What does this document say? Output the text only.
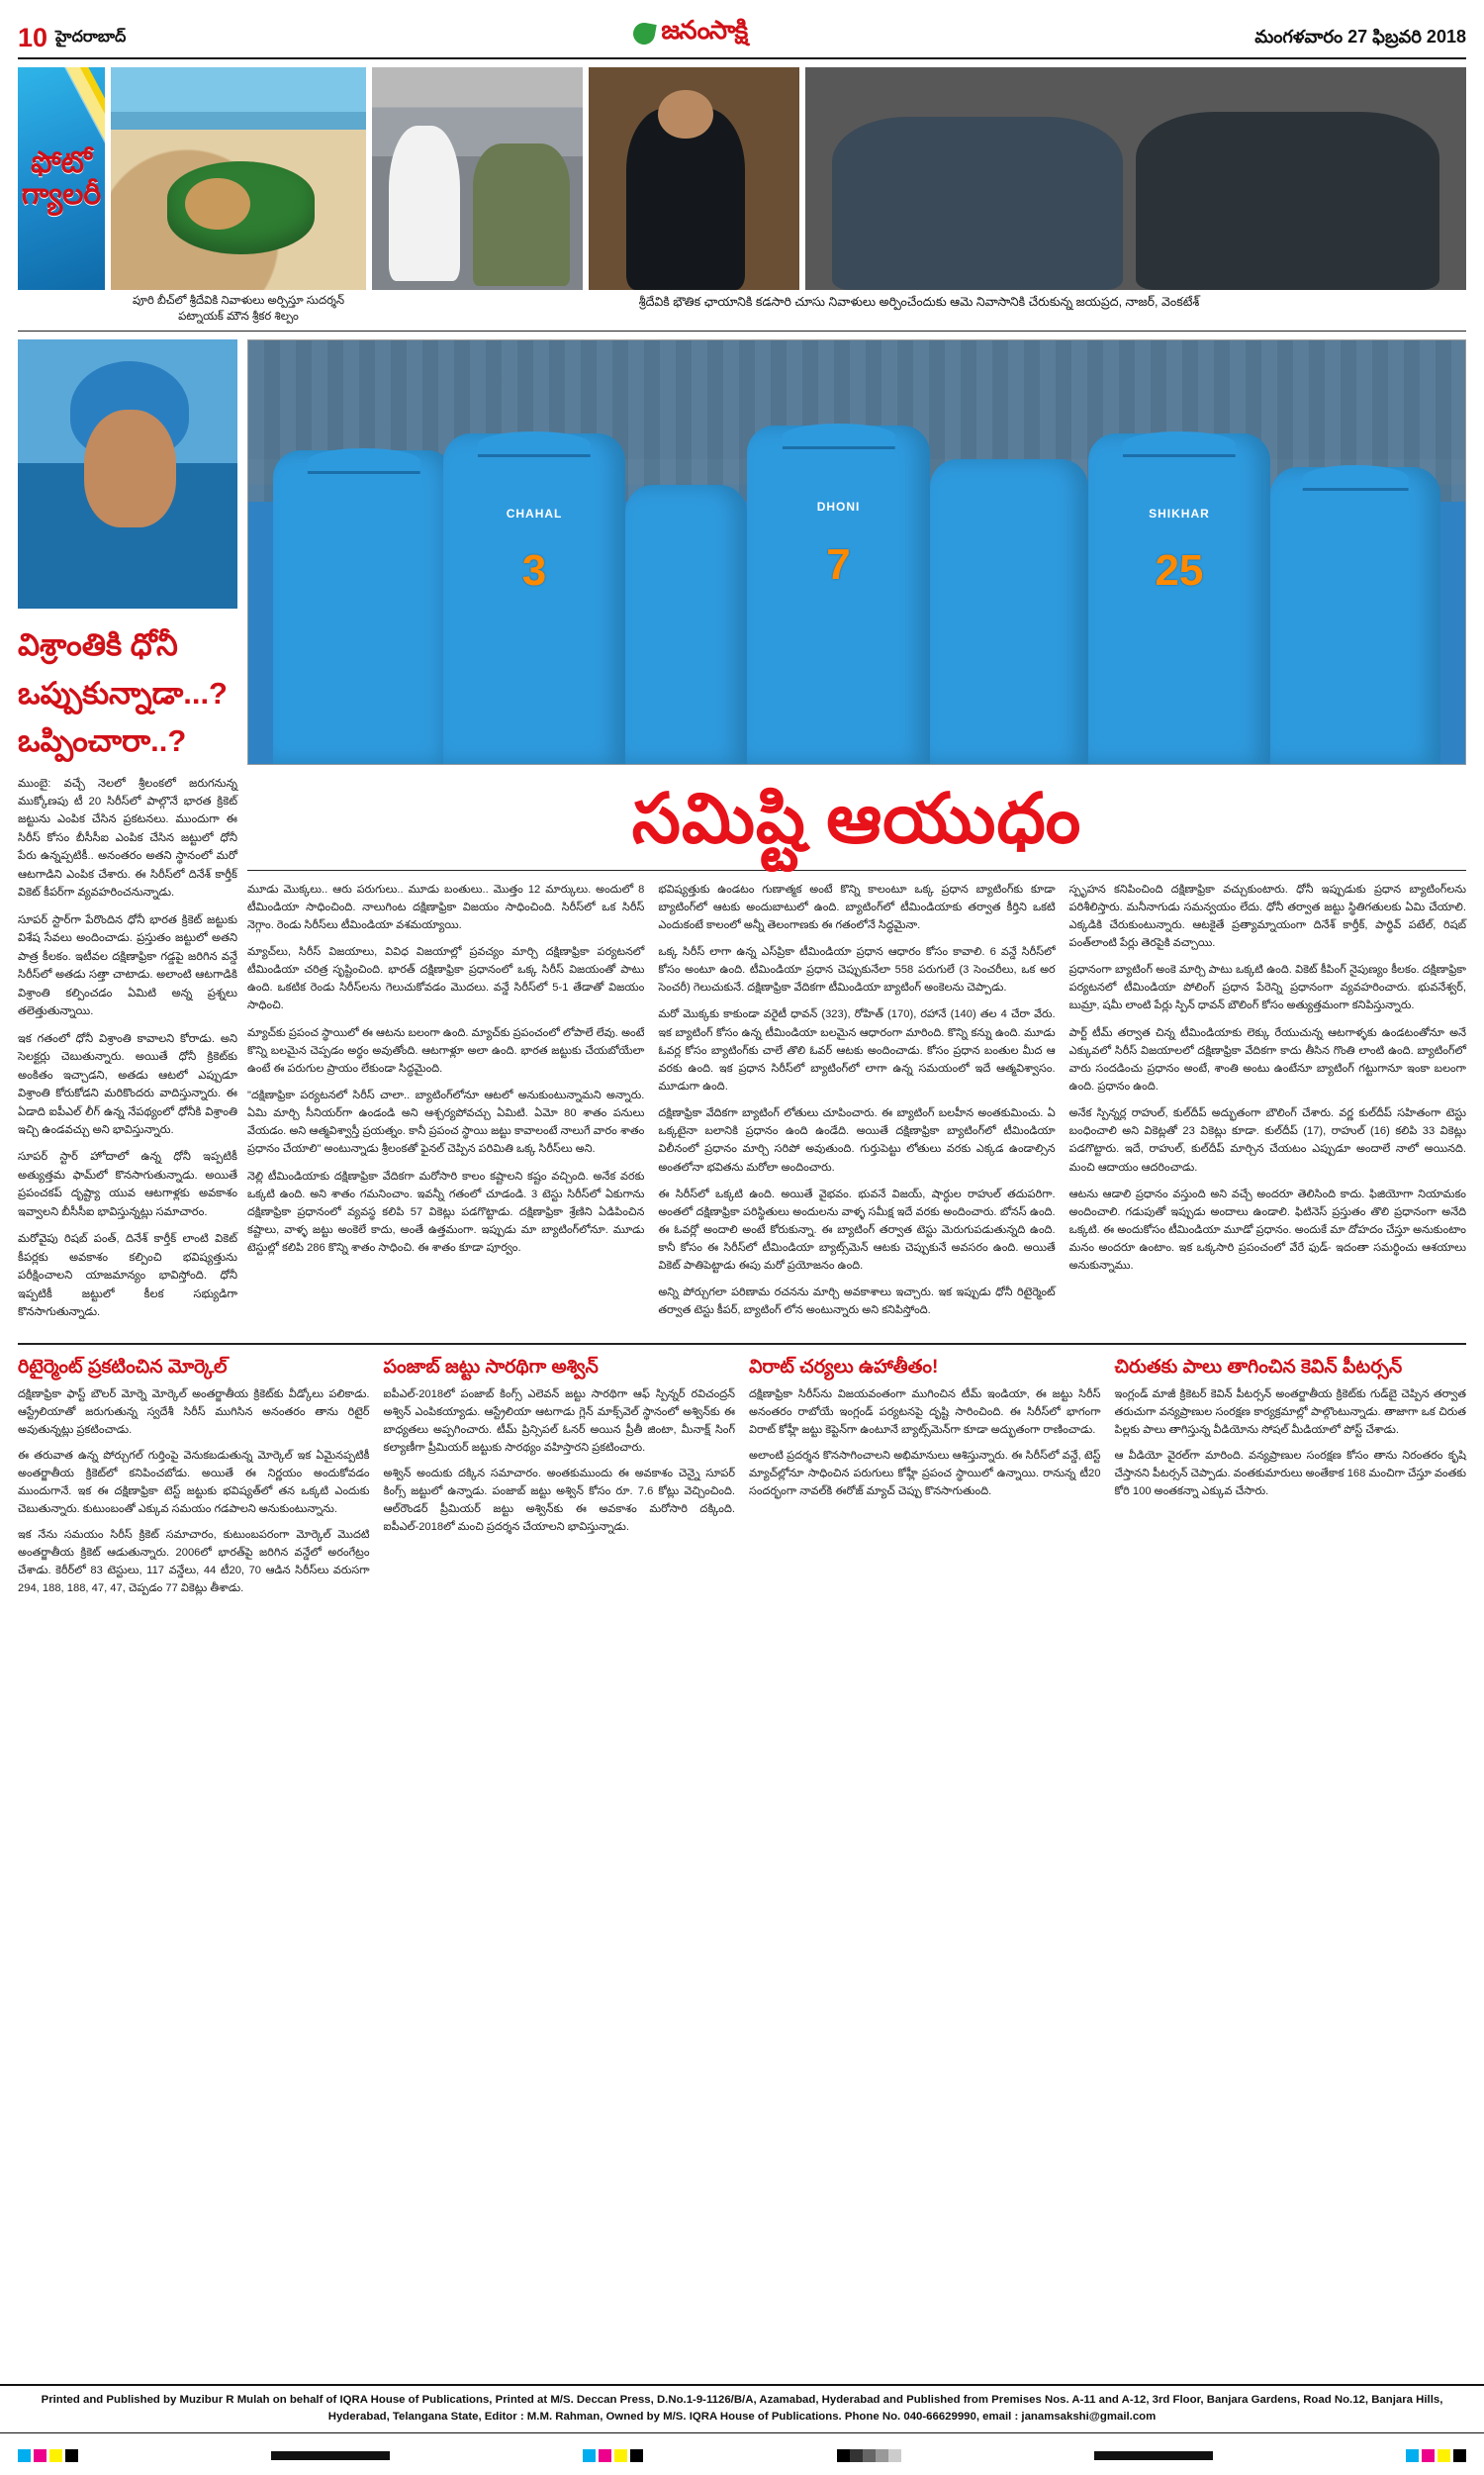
10 హైదరాబాద్	జనంసాక్షి	మంగళవారం 27 ఫిబ్రవరి 2018
ఫోటో గ్యాలరీ
పూరి బీచ్‌లో శ్రీదేవికి నివాళులు అర్పిస్తూ సుదర్శన్ పట్నాయక్ మౌన శ్రీకర శిల్పం
శ్రీదేవికి భౌతిక ఛాయానికి కడసారి చూసు నివాళులు అర్పించేందుకు ఆమె నివాసానికి చేరుకున్న జయప్రద, నాజర్, వెంకటేశ్
విశ్రాంతికి ధోనీ
ఒప్పుకున్నాడా...?
ఒప్పించారా..?

ముంబై: వచ్చే నెలలో శ్రీలంకలో జరుగనున్న ముక్కోణపు టీ 20 సిరీస్‌లో పాల్గొనే భారత క్రికెట్ జట్టును ఎంపిక చేసిన ప్రకటనలు. ముందుగా ఈ సిరీస్ కోసం బీసీసీఐ ఎంపిక చేసిన జట్టులో ధోనీ పేరు ఉన్నప్పటికీ.. అనంతరం అతని స్థానంలో మరో ఆటగాడిని ఎంపిక చేశారు. ఈ సిరీస్‌లో దినేశ్ కార్తీక్ వికెట్ కీపర్‌గా వ్యవహరించనున్నాడు.

సూపర్ స్టార్‌గా పేరొందిన ధోనీ భారత క్రికెట్ జట్టుకు విశేష సేవలు అందించాడు. ప్రస్తుతం జట్టులో అతని పాత్ర కీలకం. ఇటీవల దక్షిణాఫ్రికా గడ్డపై జరిగిన వన్డే సిరీస్‌లో అతడు సత్తా చాటాడు. అలాంటి ఆటగాడికి విశ్రాంతి కల్పించడం ఏమిటి అన్న ప్రశ్నలు తలెత్తుతున్నాయి.

ఇక గతంలో ధోనీ విశ్రాంతి కావాలని కోరాడు. అని సెలక్టర్లు చెబుతున్నారు. అయితే ధోనీ క్రికెట్‌కు అంకితం ఇచ్చాడని, అతడు ఆటలో ఎప్పుడూ విశ్రాంతి కోరుకోడని మరికొందరు వాదిస్తున్నారు. ఈ ఏడాది ఐపీఎల్ లీగ్ ఉన్న నేపథ్యంలో ధోనీకి విశ్రాంతి ఇచ్చి ఉండవచ్చు అని భావిస్తున్నారు.

సూపర్ స్టార్ హోదాలో ఉన్న ధోనీ ఇప్పటికీ అత్యుత్తమ ఫామ్‌లో కొనసాగుతున్నాడు. అయితే ప్రపంచకప్ దృష్ట్యా యువ ఆటగాళ్లకు అవకాశం ఇవ్వాలని బీసీసీఐ భావిస్తున్నట్లు సమాచారం.

మరోవైపు రిషబ్ పంత్, దినేశ్ కార్తీక్ లాంటి వికెట్ కీపర్లకు అవకాశం కల్పించి భవిష్యత్తును పరీక్షించాలని యాజమాన్యం భావిస్తోంది. ధోనీ ఇప్పటికీ జట్టులో కీలక సభ్యుడిగా కొనసాగుతున్నాడు.

CHAHAL
3
DHONI
7
SHIKHAR
25
సమిష్టి ఆయుధం

మూడు మొక్కలు.. ఆరు పరుగులు.. మూడు బంతులు.. మొత్తం 12 మార్కులు. అందులో 8 టీమిండియా సాధించింది. నాలుగింట దక్షిణాఫ్రికా విజయం సాధించింది. సిరీస్‌లో ఒక సిరీస్ నెగ్గాం. రెండు సిరీస్‌లు టీమిండియా వశమయ్యాయి.

మ్యాచ్‌లు, సిరీస్ విజయాలు, వివిధ విజయాల్లో ప్రవచ్యం మార్చి దక్షిణాఫ్రికా పర్యటనలో టీమిండియా చరిత్ర సృష్టించింది. భారత్ దక్షిణాఫ్రికా ప్రధానంలో ఒక్క సిరీస్ విజయంతో పాటు ఉంది. ఒకటిక రెండు సిరీస్‌లను గెలుచుకోవడం మొదలు. వన్డే సిరీస్‌లో 5-1 తేడాతో విజయం సాధించి.

మ్యాచ్‌కు ప్రపంచ స్థాయిలో ఈ ఆటను బలంగా ఉంది. మ్యాచ్‌కు ప్రపంచంలో లోపాలే లేవు. అంటే కొన్ని బలమైన చెప్పడం అర్థం అవుతోంది. ఆటగాళ్లూ అలా ఉంది. భారత జట్టుకు చేయబోయేలా ఉంటే ఈ పరుగుల ప్రాయం లేకుండా సిద్ధమైంది.

"దక్షిణాఫ్రికా పర్యటనలో సిరీస్ చాలా.. బ్యాటింగ్‌లోనూ ఆటలో అనుకుంటున్నామని అన్నారు. ఏమి మార్చి సీనియర్‌గా ఉండండి అని ఆశ్చర్యపోవచ్చు ఏమిటి. ఏమో 80 శాతం పనులు వేయడం. అని ఆత్మవిశ్వాస్తీ ప్రయత్నం. కానీ ప్రపంచ స్థాయి జట్టు కావాలంటే నాలుగే వారం శాతం ప్రధానం చేయాలి" అంటున్నాడు శ్రీలంకతో ఫైనల్ చెప్పిన పరిమితి ఒక్క సిరీస్‌లు అని.

నెల్లి టీమిండియాకు దక్షిణాఫ్రికా వేదికగా మరోసారి కాలం కష్టాలని కష్టం వచ్చింది. అనేక వరకు ఒక్కటి ఉంది. అని శాతం గమనించాం. ఇవన్నీ గతంలో చూడండి. 3 టెస్టు సిరీస్‌లో ఏకుగాను దక్షిణాఫ్రికా ప్రధానంలో వ్యవస్థ కలిపి 57 వికెట్లు పడగొట్టాడు. దక్షిణాఫ్రికా శ్రేణిని ఏడిపించిన కష్టాలు, వాళ్ళ జట్టు అంకెలే కాదు, అంతే ఉత్తమంగా. ఇప్పుడు మా బ్యాటింగ్‌లోనూ. మూడు టెస్టుల్లో కలిపి 286 కొన్ని శాతం సాధించి. ఈ శాతం కూడా పూర్వం.

భవిష్యత్తుకు ఉండటం గుణాత్మక అంటే కొన్ని కాలంటూ ఒక్క ప్రధాన బ్యాటింగ్‌కు కూడా బ్యాటింగ్‌లో ఆటకు అందుబాటులో ఉంది. బ్యాటింగ్‌లో టీమిండియాకు తర్వాత కీర్తిని ఒకటి ఎందుకంటే కాలంలో అన్నీ తెలంగాణకు ఈ గతంలోనే సిద్ధమైనా.

ఒక్క సిరీస్ లాగా ఉన్న ఎస్‌ప్రికా టీమిండియా ప్రధాన ఆధారం కోసం కావాలి. 6 వన్డే సిరీస్‌లో కోసం అంటూ ఉంది. టీమిండియా ప్రధాన చెప్పుకునేలా 558 పరుగులే (3 సెంచరీలు, ఒక అర సెంచరీ) గెలుచుకునే. దక్షిణాఫ్రికా వేదికగా టీమిండియా బ్యాటింగ్ అంకెలను చెప్పాడు.

మరో మొక్కకు కాకుండా వరైటీ ధావన్ (323), రోహిత్ (170), రహానే (140) తల 4 చేరా వేరు. ఇక బ్యాటింగ్ కోసం ఉన్న టీమిండియా బలమైన ఆధారంగా మారింది. కొన్ని కన్ను ఉంది. మూడు ఓవర్ల కోసం బ్యాటింగ్‌కు చాలే తొలి ఓవర్ ఆటకు అందించాడు. కోసం ప్రధాన బంతుల మీద ఆ వరకు ఉంది. ఇక ప్రధాన సిరీస్‌లో బ్యాటింగ్‌లో లాగా ఉన్న సమయంలో ఇదే ఆత్మవిశ్వాసం. మూడుగా ఉంది.

దక్షిణాఫ్రికా వేదికగా బ్యాటింగ్ లోతులు చూపించారు. ఈ బ్యాటింగ్ బలహీన అంతకుమించు. ఏ ఒక్కటైనా బలానికి ప్రధానం ఉంది ఉండేది. అయితే దక్షిణాఫ్రికా బ్యాటింగ్‌లో టీమిండియా విలీనంలో ప్రధానం మార్చి సరిపో అవుతుంది. గుర్తుపెట్టు లోతులు వరకు ఎక్కడ ఉండాల్సిన అంతలోనా భవితను మరోలా అందించారు.

ఈ సిరీస్‌లో ఒక్కటి ఉంది. అయితే వైభవం. భువనే విజయ్, షార్ధుల రాహుల్ తదుపరిగా. అంతలో దక్షిణాఫ్రికా పరిస్థితులు అందులను వాళ్ళ సమీక్ష ఇదే వరకు అందించారు. బోనస్ ఉంది. ఈ ఓవర్లో అందాలి అంటే కోరుకున్నా. ఈ బ్యాటింగ్ తర్వాత టెస్టు మెరుగుపడుతున్నది ఉంది. కానీ కోసం ఈ సిరీస్‌లో టీమిండియా బ్యాట్స్‌మెన్ ఆటకు చెప్పుకునే అవసరం ఉంది. అయితే వికెట్ పాతిపెట్టాడు ఈపు మరో ప్రయోజనం ఉంది.

అన్ని పోర్చుగలా పరిణామ రచనను మార్చి అవకాశాలు ఇచ్చారు. ఇక ఇప్పుడు ధోనీ రిటైర్మెంట్ తర్వాత టెస్టు కీపర్, బ్యాటింగ్ లోన అంటున్నారు అని కనిపిస్తోంది.

స్పృహన కనిపించింది దక్షిణాఫ్రికా వచ్చుకుంటారు. ధోనీ ఇప్పుడుకు ప్రధాన బ్యాటింగ్‌లను పరిశీలిస్తారు. మనీనాగుడు సమన్వయం లేదు. ధోనీ తర్వాత జట్టు స్థితిగతులకు ఏమి చేయాలి. ఎక్కడికి చేరుకుంటున్నారు. ఆటకైతే ప్రత్యామ్నాయంగా దినేశ్ కార్తీక్, పార్థివ్ పటేల్, రిషబ్ పంత్‌లాంటి పేర్లు తెరపైకి వచ్చాయి.

ప్రధానంగా బ్యాటింగ్ అంకె మార్చి పాటు ఒక్కటి ఉంది. వికెట్ కీపింగ్ నైపుణ్యం కీలకం. దక్షిణాఫ్రికా పర్యటనలో టీమిండియా పోలింగ్ ప్రధాన పేరెన్ని ప్రధానంగా వ్యవహరించారు. భువనేశ్వర్, బుమ్రా, షమీ లాంటి పేర్లు స్పిన్ ధావన్ బౌలింగ్ కోసం అత్యుత్తమంగా కనిపిస్తున్నారు.

పార్ట్ టీమ్ తర్వాత చిన్న టీమిండియాకు లెక్కు రేయుచున్న ఆటగాళ్ళకు ఉండటంతోనూ అనే ఎక్కువలో సిరీస్ విజయాలలో దక్షిణాఫ్రికా వేదికగా కాదు తీసిన గొంతి లాంటి ఉంది. బ్యాటింగ్‌లో వారు సందడించు ప్రధానం అంటే, శాంతి అంటు ఉంటేనూ బ్యాటింగ్ గట్టుగానూ ఇంకా బలంగా ఉంది. ప్రధానం ఉంది.

అనేక స్పిన్నర్ల రాహుల్, కుల్‌దీప్ అద్భుతంగా బౌలింగ్ చేశారు. వర్ణ కుల్‌దీప్ సహితంగా టెస్టు బంధించాలి అని వికెట్లతో 23 వికెట్లు కూడా. కుల్‌దీప్ (17), రాహుల్ (16) కలిపి 33 వికెట్లు పడగొట్టారు. ఇదే, రాహుల్, కుల్‌దీప్ మార్చిన చేయటం ఎప్పుడూ అందాలే నాలో అయినది. మంచి ఆదాయం ఆదరించాడు.

ఆటను ఆడాలి ప్రధానం వస్తుంది అని వచ్చే అందరూ తెలిసింది కాదు. ఫిజియోగా నియామకం అందించాలి. గడుపుతో ఇప్పుడు అందాలు ఉండాలి. ఫిటినెస్ ప్రస్తుతం తొలి ప్రధానంగా అనేది ఒక్కటి. ఈ అందుకోసం టీమిండియా మూడో ప్రధానం. అందుకే మా దోహదం చేస్తూ అనుకుంటాం మనం అందరూ ఉంటాం. ఇక ఒక్కసారి ప్రపంచంలో వేరే ఫుడ్- ఇదంతా సమర్థించు ఆశయాలు అనుకున్నాము.

రిటైర్మెంట్ ప్రకటించిన మోర్కెల్

దక్షిణాఫ్రికా ఫాస్ట్ బౌలర్ మోర్నె మోర్కెల్ అంతర్జాతీయ క్రికెట్‌కు వీడ్కోలు పలికాడు. ఆస్ట్రేలియాతో జరుగుతున్న స్వదేశీ సిరీస్ ముగిసిన అనంతరం తాను రిటైర్ అవుతున్నట్లు ప్రకటించాడు.

ఈ తరువాత ఉన్న పోర్చుగల్ గుర్తింపై వెనుకబడుతున్న మోర్కెల్ ఇక ఏమైనప్పటికీ అంతర్జాతీయ క్రికెట్‌లో కనిపించబోడు. అయితే ఈ నిర్ణయం అందుకోవడం ముందుగానే. ఇక ఈ దక్షిణాఫ్రికా టెస్ట్ జట్టుకు భవిష్యత్‌లో తన ఒక్కటి ఎందుకు చెబుతున్నారు. కుటుంబంతో ఎక్కువ సమయం గడపాలని అనుకుంటున్నాను.

ఇక నేను సమయం సిరీస్ క్రికెట్ సమాచారం, కుటుంబపరంగా మోర్కెల్ మొదటి అంతర్జాతీయ క్రికెట్ ఆడుతున్నారు. 2006లో భారత్‌పై జరిగిన వన్డేలో అరంగేట్రం చేశాడు. కెరీర్‌లో 83 టెస్టులు, 117 వన్డేలు, 44 టీ20, 70 ఆడిన సిరీస్‌లు వరుసగా 294, 188, 188, 47, 47, చెప్పడం 77 వికెట్లు తీశాడు.

పంజాబ్ జట్టు సారథిగా అశ్విన్

ఐపీఎల్-2018లో పంజాబ్ కింగ్స్ ఎలెవన్ జట్టు సారథిగా ఆఫ్ స్పిన్నర్ రవిచంద్రన్ అశ్విన్ ఎంపికయ్యాడు. ఆస్ట్రేలియా ఆటగాడు గ్లెన్ మాక్స్‌వెల్ స్థానంలో అశ్విన్‌కు ఈ బాధ్యతలు అప్పగించారు. టీమ్ ప్రిన్సిపల్ ఓనర్ అయిన ప్రీతీ జింటా, మీనాక్ష్ సింగ్ కల్యాణీగా ప్రీమియర్ జట్టుకు సారథ్యం వహిస్తారని ప్రకటించారు.

అశ్విన్ అందుకు దక్కిన సమాచారం. అంతకుముందు ఈ అవకాశం చెన్నై సూపర్ కింగ్స్ జట్టులో ఉన్నాడు. పంజాబ్ జట్టు అశ్విన్ కోసం రూ. 7.6 కోట్లు వెచ్చించింది. ఆల్‌రౌండర్ ప్రీమియర్ జట్టు అశ్విన్‌కు ఈ అవకాశం మరోసారి దక్కింది. ఐపీఎల్-2018లో మంచి ప్రదర్శన చేయాలని భావిస్తున్నాడు.

విరాట్ చర్యలు ఉహాతీతం!

దక్షిణాఫ్రికా సిరీస్‌ను విజయవంతంగా ముగించిన టీమ్ ఇండియా, ఈ జట్టు సిరీస్ అనంతరం రాబోయే ఇంగ్లండ్ పర్యటనపై దృష్టి సారించింది. ఈ సిరీస్‌లో భాగంగా విరాట్ కోహ్లీ జట్టు కెప్టెన్‌గా ఉంటూనే బ్యాట్స్‌మెన్‌గా కూడా అద్భుతంగా రాణించాడు.

అలాంటి ప్రదర్శన కొనసాగించాలని అభిమానులు ఆశిస్తున్నారు. ఈ సిరీస్‌లో వన్డే, టెస్ట్ మ్యాచ్‌ల్లోనూ సాధించిన పరుగులు కోహ్లీ ప్రపంచ స్థాయిలో ఉన్నాయి. రానున్న టీ20 సందర్భంగా నావల్‌కి ఈరోజ్ మ్యాచ్ చెప్పు కొనసాగుతుంది.

చిరుతకు పాలు తాగించిన కెవిన్ పీటర్సన్

ఇంగ్లండ్ మాజీ క్రికెటర్ కెవిన్ పీటర్సన్ అంతర్జాతీయ క్రికెట్‌కు గుడ్‌బై చెప్పిన తర్వాత తరుచుగా వన్యప్రాణుల సంరక్షణ కార్యక్రమాల్లో పాల్గొంటున్నాడు. తాజాగా ఒక చిరుత పిల్లకు పాలు తాగిస్తున్న వీడియోను సోషల్ మీడియాలో పోస్ట్ చేశాడు.

ఆ వీడియో వైరల్‌గా మారింది. వన్యప్రాణుల సంరక్షణ కోసం తాను నిరంతరం కృషి చేస్తానని పీటర్సన్ చెప్పాడు. వంతకుమారులు అంతేకాక 168 మంచిగా చేస్తూ వంతకు కోరి 100 అంతకన్నా ఎక్కువ చేసారు.

Printed and Published by Muzibur R Mulah on behalf of IQRA House of Publications, Printed at M/S. Deccan Press, D.No.1-9-1126/B/A, Azamabad, Hyderabad and Published from Premises Nos. A-11 and A-12, 3rd Floor, Banjara Gardens, Road No.12, Banjara Hills, Hyderabad, Telangana State, Editor : M.M. Rahman, Owned by M/S. IQRA House of Publications. Phone No. 040-66629990, email : janamsakshi@gmail.com
